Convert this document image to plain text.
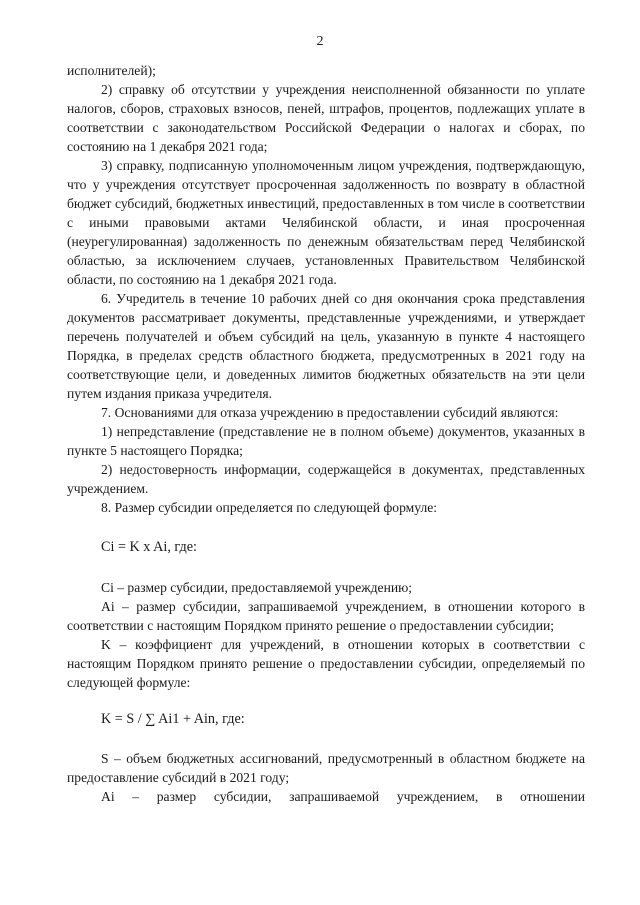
2

исполнителей);

2) справку об отсутствии у учреждения неисполненной обязанности по уплате налогов, сборов, страховых взносов, пеней, штрафов, процентов, подлежащих уплате в соответствии с законодательством Российской Федерации о налогах и сборах, по состоянию на 1 декабря 2021 года;

3) справку, подписанную уполномоченным лицом учреждения, подтверждающую, что у учреждения отсутствует просроченная задолженность по возврату в областной бюджет субсидий, бюджетных инвестиций, предоставленных в том числе в соответствии с иными правовыми актами Челябинской области, и иная просроченная (неурегулированная) задолженность по денежным обязательствам перед Челябинской областью, за исключением случаев, установленных Правительством Челябинской области, по состоянию на 1 декабря 2021 года.

6. Учредитель в течение 10 рабочих дней со дня окончания срока представления документов рассматривает документы, представленные учреждениями, и утверждает перечень получателей и объем субсидий на цель, указанную в пункте 4 настоящего Порядка, в пределах средств областного бюджета, предусмотренных в 2021 году на соответствующие цели, и доведенных лимитов бюджетных обязательств на эти цели путем издания приказа учредителя.

7. Основаниями для отказа учреждению в предоставлении субсидий являются:

1) непредставление (представление не в полном объеме) документов, указанных в пункте 5 настоящего Порядка;

2) недостоверность информации, содержащейся в документах, представленных учреждением.

8. Размер субсидии определяется по следующей формуле:

Ci = K x Ai, где:

Ci – размер субсидии, предоставляемой учреждению;

Ai – размер субсидии, запрашиваемой учреждением, в отношении которого в соответствии с настоящим Порядком принято решение о предоставлении субсидии;

K – коэффициент для учреждений, в отношении которых в соответствии с настоящим Порядком принято решение о предоставлении субсидии, определяемый по следующей формуле:

K = S / ∑ Ai1 + Ain, где:

S – объем бюджетных ассигнований, предусмотренный в областном бюджете на предоставление субсидий в 2021 году;

Ai – размер субсидии, запрашиваемой учреждением, в отношении
